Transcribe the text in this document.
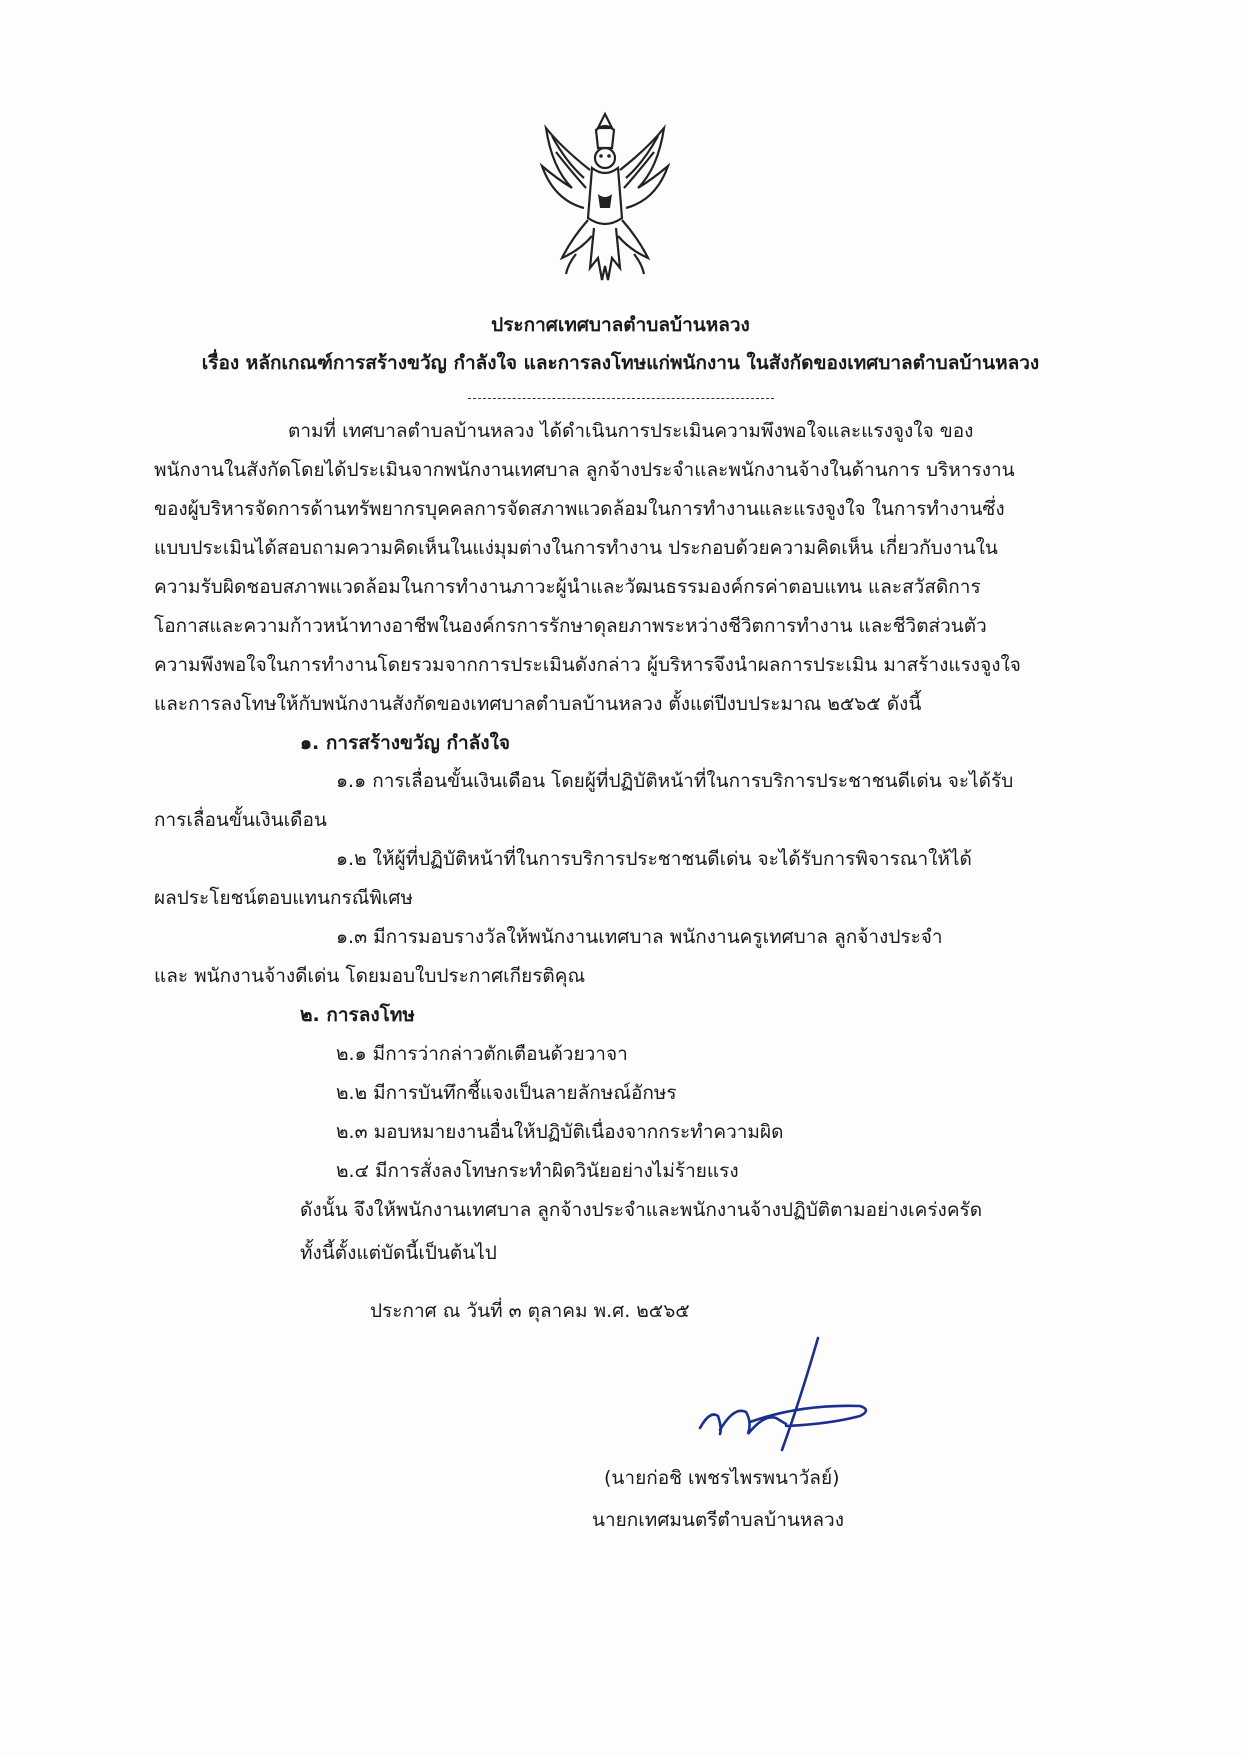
ประกาศเทศบาลตำบลบ้านหลวง
เรื่อง หลักเกณฑ์การสร้างขวัญ กำลังใจ และการลงโทษแก่พนักงาน ในสังกัดของเทศบาลตำบลบ้านหลวง
ตามที่ เทศบาลตำบลบ้านหลวง ได้ดำเนินการประเมินความพึงพอใจและแรงจูงใจ ของ
พนักงานในสังกัดโดยได้ประเมินจากพนักงานเทศบาล ลูกจ้างประจำและพนักงานจ้างในด้านการ บริหารงาน
ของผู้บริหารจัดการด้านทรัพยากรบุคคลการจัดสภาพแวดล้อมในการทำงานและแรงจูงใจ ในการทำงานซึ่ง
แบบประเมินได้สอบถามความคิดเห็นในแง่มุมต่างในการทำงาน ประกอบด้วยความคิดเห็น เกี่ยวกับงานใน
ความรับผิดชอบสภาพแวดล้อมในการทำงานภาวะผู้นำและวัฒนธรรมองค์กรค่าตอบแทน และสวัสดิการ
โอกาสและความก้าวหน้าทางอาชีพในองค์กรการรักษาดุลยภาพระหว่างชีวิตการทำงาน และชีวิตส่วนตัว
ความพึงพอใจในการทำงานโดยรวมจากการประเมินดังกล่าว ผู้บริหารจึงนำผลการประเมิน มาสร้างแรงจูงใจ
และการลงโทษให้กับพนักงานสังกัดของเทศบาลตำบลบ้านหลวง ตั้งแต่ปีงบประมาณ ๒๕๖๕ ดังนี้
๑. การสร้างขวัญ กำลังใจ
๑.๑ การเลื่อนขั้นเงินเดือน โดยผู้ที่ปฏิบัติหน้าที่ในการบริการประชาชนดีเด่น จะได้รับ
การเลื่อนขั้นเงินเดือน
๑.๒ ให้ผู้ที่ปฏิบัติหน้าที่ในการบริการประชาชนดีเด่น จะได้รับการพิจารณาให้ได้
ผลประโยชน์ตอบแทนกรณีพิเศษ
๑.๓ มีการมอบรางวัลให้พนักงานเทศบาล พนักงานครูเทศบาล ลูกจ้างประจำ
และ พนักงานจ้างดีเด่น โดยมอบใบประกาศเกียรติคุณ
๒. การลงโทษ
๒.๑ มีการว่ากล่าวตักเตือนด้วยวาจา
๒.๒ มีการบันทึกชี้แจงเป็นลายลักษณ์อักษร
๒.๓ มอบหมายงานอื่นให้ปฏิบัติเนื่องจากกระทำความผิด
๒.๔ มีการสั่งลงโทษกระทำผิดวินัยอย่างไม่ร้ายแรง
ดังนั้น จึงให้พนักงานเทศบาล ลูกจ้างประจำและพนักงานจ้างปฏิบัติตามอย่างเคร่งครัด
ทั้งนี้ตั้งแต่บัดนี้เป็นต้นไป
ประกาศ ณ วันที่ ๓ ตุลาคม พ.ศ. ๒๕๖๕
(นายก่อชิ เพชรไพรพนาวัลย์)
นายกเทศมนตรีตำบลบ้านหลวง
